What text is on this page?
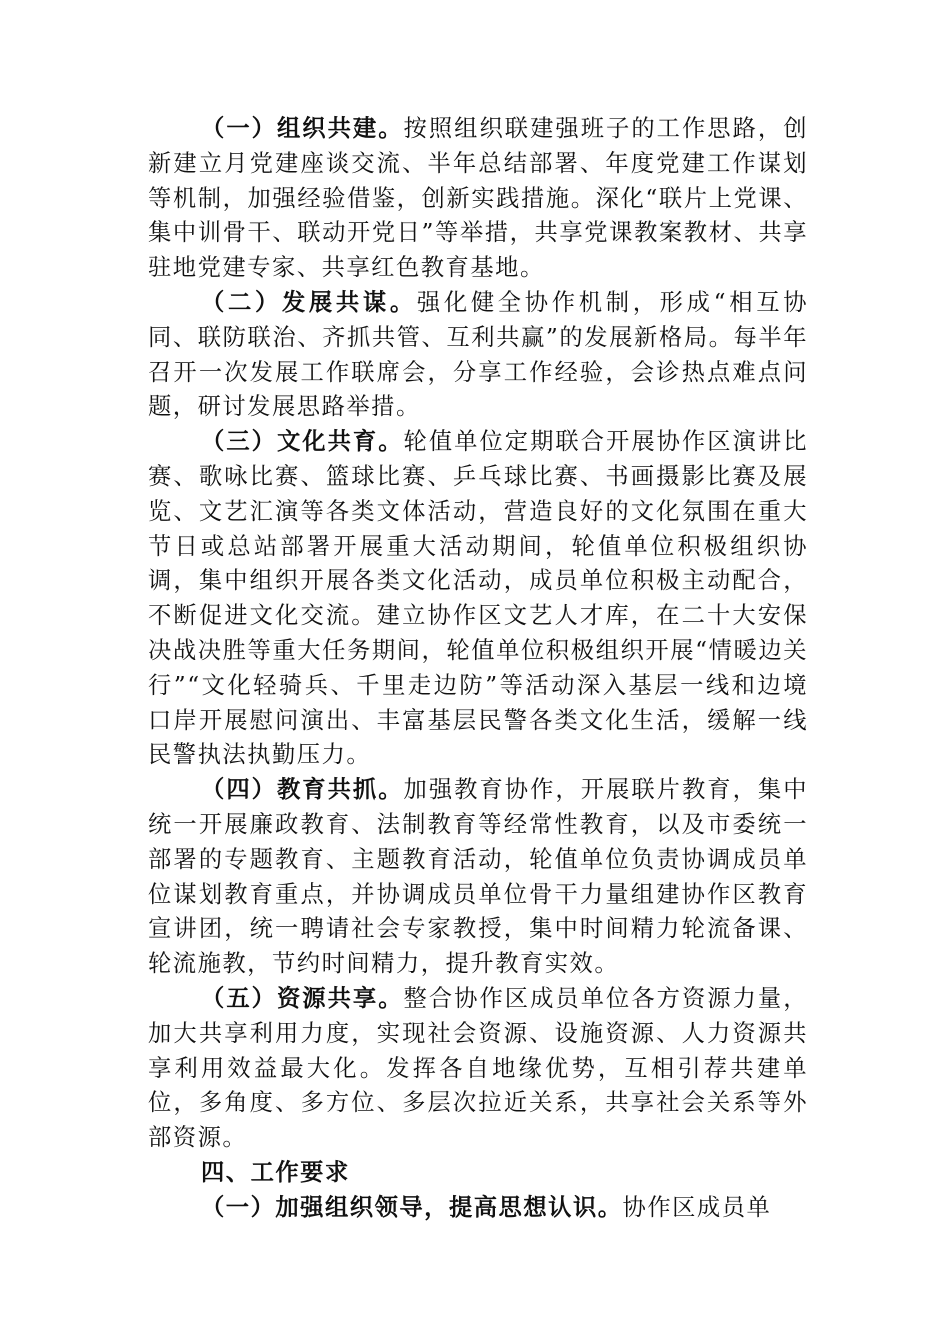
（一）组织共建。按照组织联建强班子的工作思路，创新建立月党建座谈交流、半年总结部署、年度党建工作谋划等机制，加强经验借鉴，创新实践措施。深化“联片上党课、集中训骨干、联动开党日”等举措，共享党课教案教材、共享驻地党建专家、共享红色教育基地。

（二）发展共谋。强化健全协作机制，形成“相互协同、联防联治、齐抓共管、互利共赢”的发展新格局。每半年召开一次发展工作联席会，分享工作经验，会诊热点难点问题，研讨发展思路举措。

（三）文化共育。轮值单位定期联合开展协作区演讲比赛、歌咏比赛、篮球比赛、乒乓球比赛、书画摄影比赛及展览、文艺汇演等各类文体活动，营造良好的文化氛围在重大节日或总站部署开展重大活动期间，轮值单位积极组织协调，集中组织开展各类文化活动，成员单位积极主动配合，不断促进文化交流。建立协作区文艺人才库，在二十大安保决战决胜等重大任务期间，轮值单位积极组织开展“情暖边关行”“文化轻骑兵、千里走边防”等活动深入基层一线和边境口岸开展慰问演出、丰富基层民警各类文化生活，缓解一线民警执法执勤压力。

（四）教育共抓。加强教育协作，开展联片教育，集中统一开展廉政教育、法制教育等经常性教育，以及市委统一部署的专题教育、主题教育活动，轮值单位负责协调成员单位谋划教育重点，并协调成员单位骨干力量组建协作区教育宣讲团，统一聘请社会专家教授，集中时间精力轮流备课、轮流施教，节约时间精力，提升教育实效。

（五）资源共享。整合协作区成员单位各方资源力量，加大共享利用力度，实现社会资源、设施资源、人力资源共享利用效益最大化。发挥各自地缘优势，互相引荐共建单位，多角度、多方位、多层次拉近关系，共享社会关系等外部资源。

四、工作要求

（一）加强组织领导，提高思想认识。协作区成员单
